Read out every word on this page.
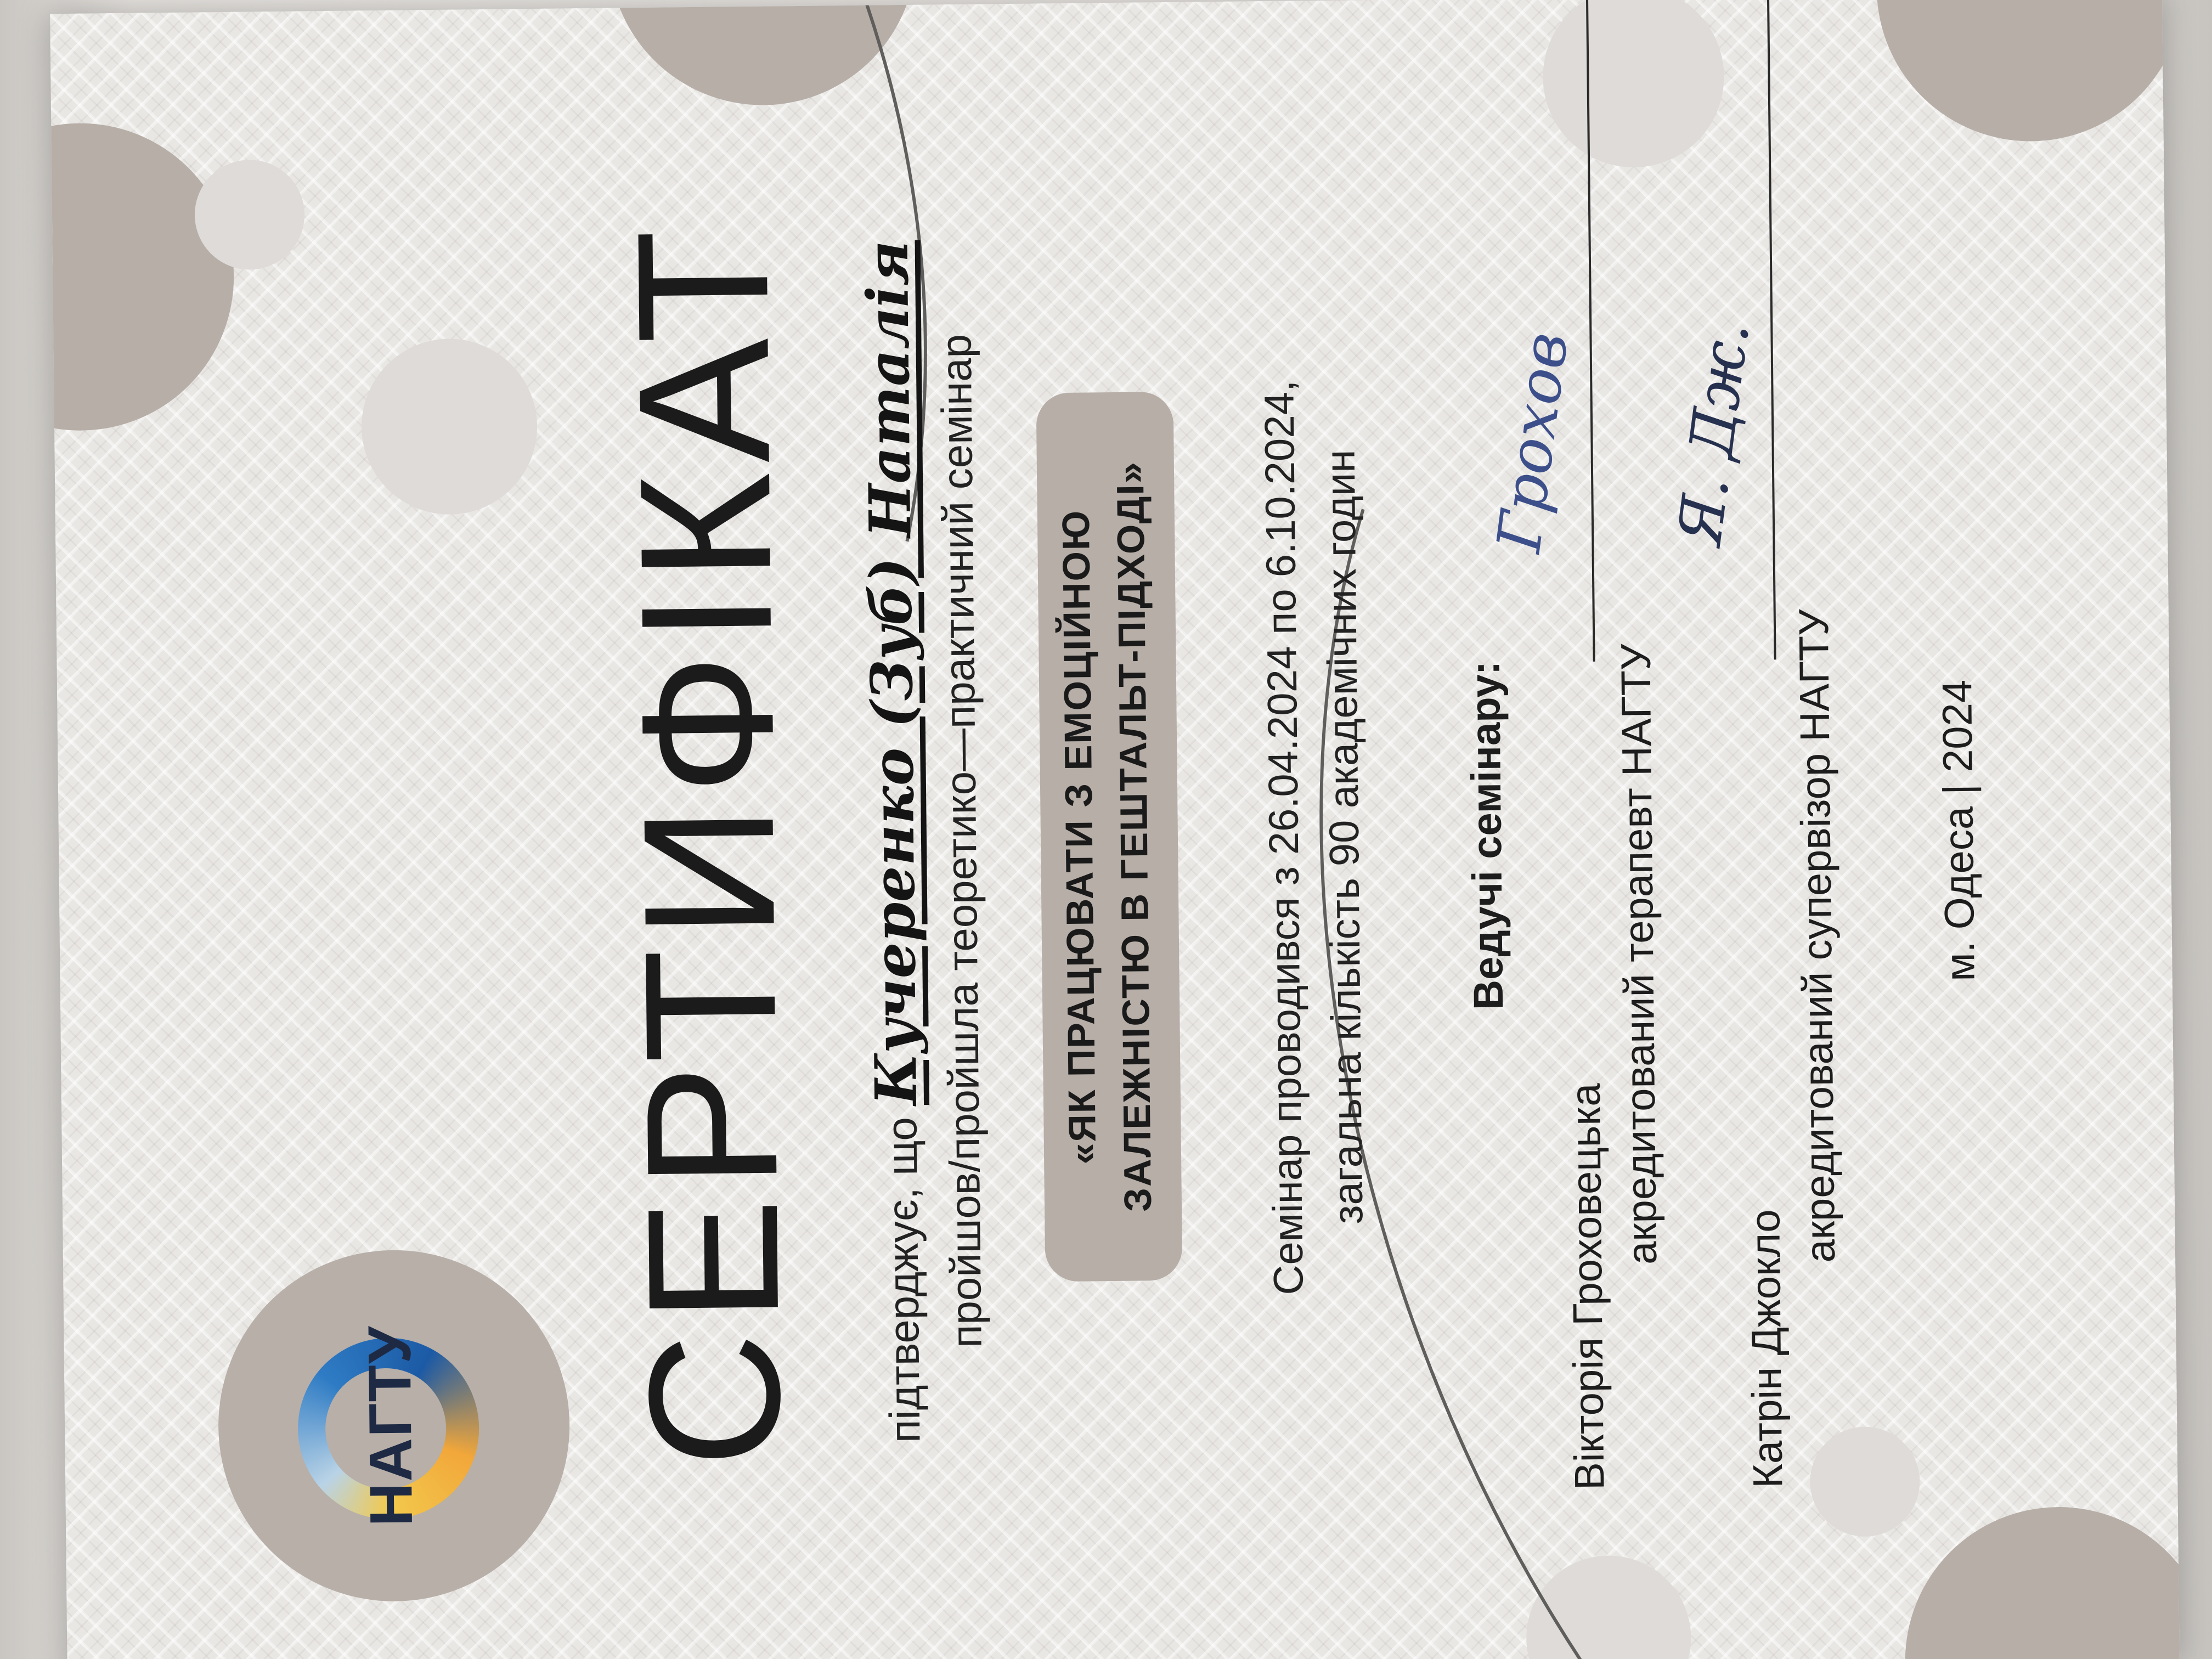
НАГТУ СЕРТИФІКАТ	підтверджує, що Кучеренко (Зуб) Наталія пройшов/пройшла теоретико—практичний семінар «ЯК ПРАЦЮВАТИ З ЕМОЦІЙНОЮ ЗАЛЕЖНІСТЮ В ГЕШТАЛЬТ-ПІДХОДІ» Семінар проводився з 26.04.2024 по 6.10.2024, загальна кількість 90 академічних годин Ведучі семінару:
Вікторія Гроховецька
акредитований терапевт НАГТУ
Грохов
Катрін Джокло
акредитований супервізор НАГТУ
Я. Дж.
м. Одеса | 2024
